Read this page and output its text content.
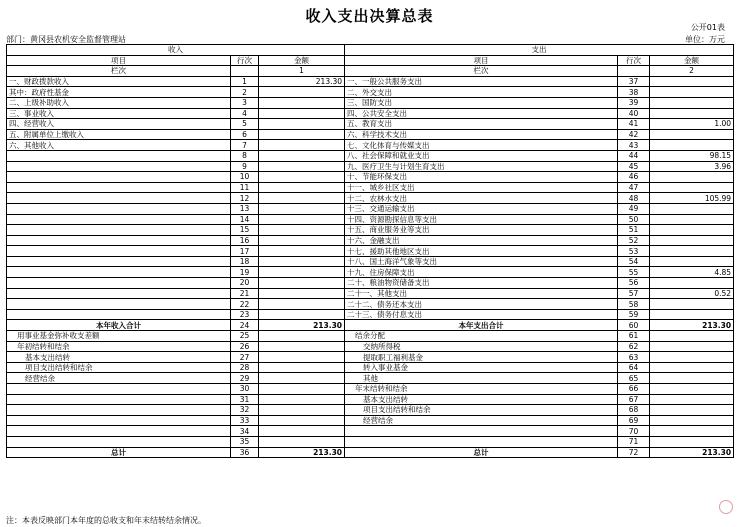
收入支出决算总表
公开01表
部门：黄冈县农机安全监督管理站	单位：万元
收入			支出		
项目	行次	金额	项目	行次	金额
栏次		1	栏次		2
一、财政拨款收入	1	213.30	一、一般公共服务支出	37	
其中：政府性基金	2		二、外交支出	38	
二、上级补助收入	3		三、国防支出	39	
三、事业收入	4		四、公共安全支出	40	
四、经营收入	5		五、教育支出	41	1.00
五、附属单位上缴收入	6		六、科学技术支出	42	
六、其他收入	7		七、文化体育与传媒支出	43	
	8		八、社会保障和就业支出	44	98.15
	9		九、医疗卫生与计划生育支出	45	3.96
	10		十、节能环保支出	46	
	11		十一、城乡社区支出	47	
	12		十二、农林水支出	48	105.99
	13		十三、交通运输支出	49	
	14		十四、资源勘探信息等支出	50	
	15		十五、商业服务业等支出	51	
	16		十六、金融支出	52	
	17		十七、援助其他地区支出	53	
	18		十八、国土海洋气象等支出	54	
	19		十九、住房保障支出	55	4.85
	20		二十、粮油物资储备支出	56	
	21		二十一、其他支出	57	0.52
	22		二十二、债务还本支出	58	
	23		二十三、债务付息支出	59	
本年收入合计	24	213.30	本年支出合计	60	213.30
用事业基金弥补收支差额	25		结余分配	61	
年初结转和结余	26		交纳所得税	62	
基本支出结转	27		提取职工福利基金	63	
项目支出结转和结余	28		转入事业基金	64	
经营结余	29		其他	65	
	30		年末结转和结余	66	
	31		基本支出结转	67	
	32		项目支出结转和结余	68	
	33		经营结余	69	
	34			70	
	35			71	
总计	36	213.30	总计	72	213.30
注：本表反映部门本年度的总收支和年末结转结余情况。
